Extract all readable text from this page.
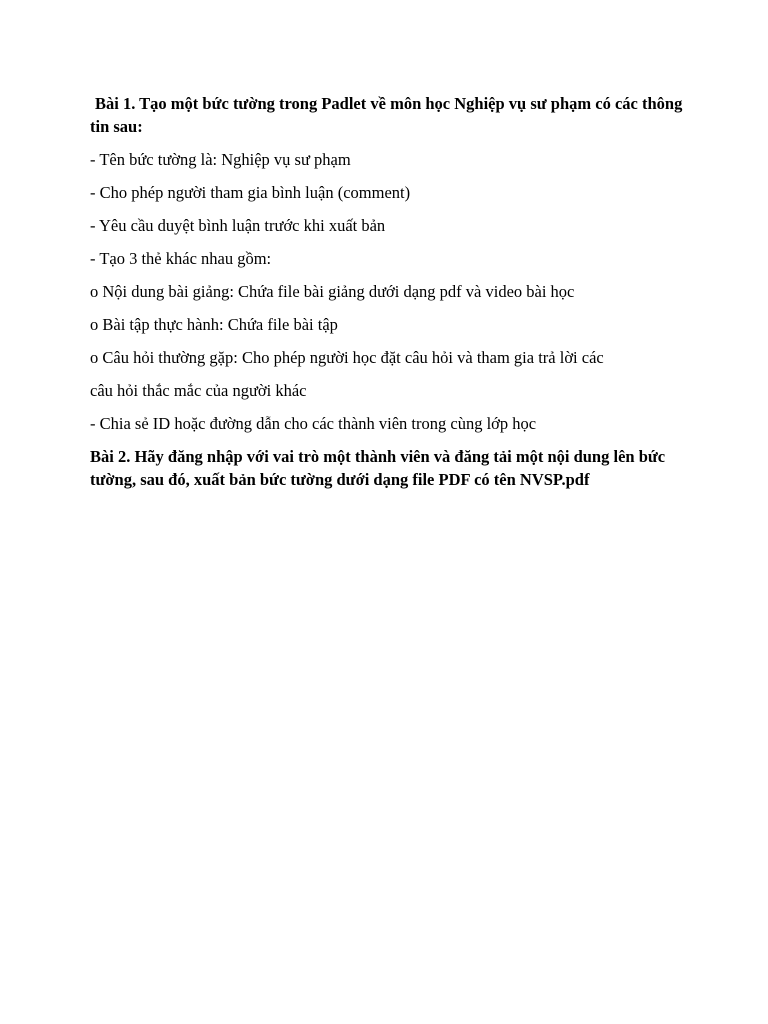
Bài 1. Tạo một bức tường trong Padlet về môn học Nghiệp vụ sư phạm có các thông tin sau:

- Tên bức tường là: Nghiệp vụ sư phạm

- Cho phép người tham gia bình luận (comment)

- Yêu cầu duyệt bình luận trước khi xuất bản

- Tạo 3 thẻ khác nhau gồm:

o Nội dung bài giảng: Chứa file bài giảng dưới dạng pdf và video bài học

o Bài tập thực hành: Chứa file bài tập

o Câu hỏi thường gặp: Cho phép người học đặt câu hỏi và tham gia trả lời các

câu hỏi thắc mắc của người khác

- Chia sẻ ID hoặc đường dẫn cho các thành viên trong cùng lớp học

Bài 2. Hãy đăng nhập với vai trò một thành viên và đăng tải một nội dung lên bức tường, sau đó, xuất bản bức tường dưới dạng file PDF có tên NVSP.pdf
